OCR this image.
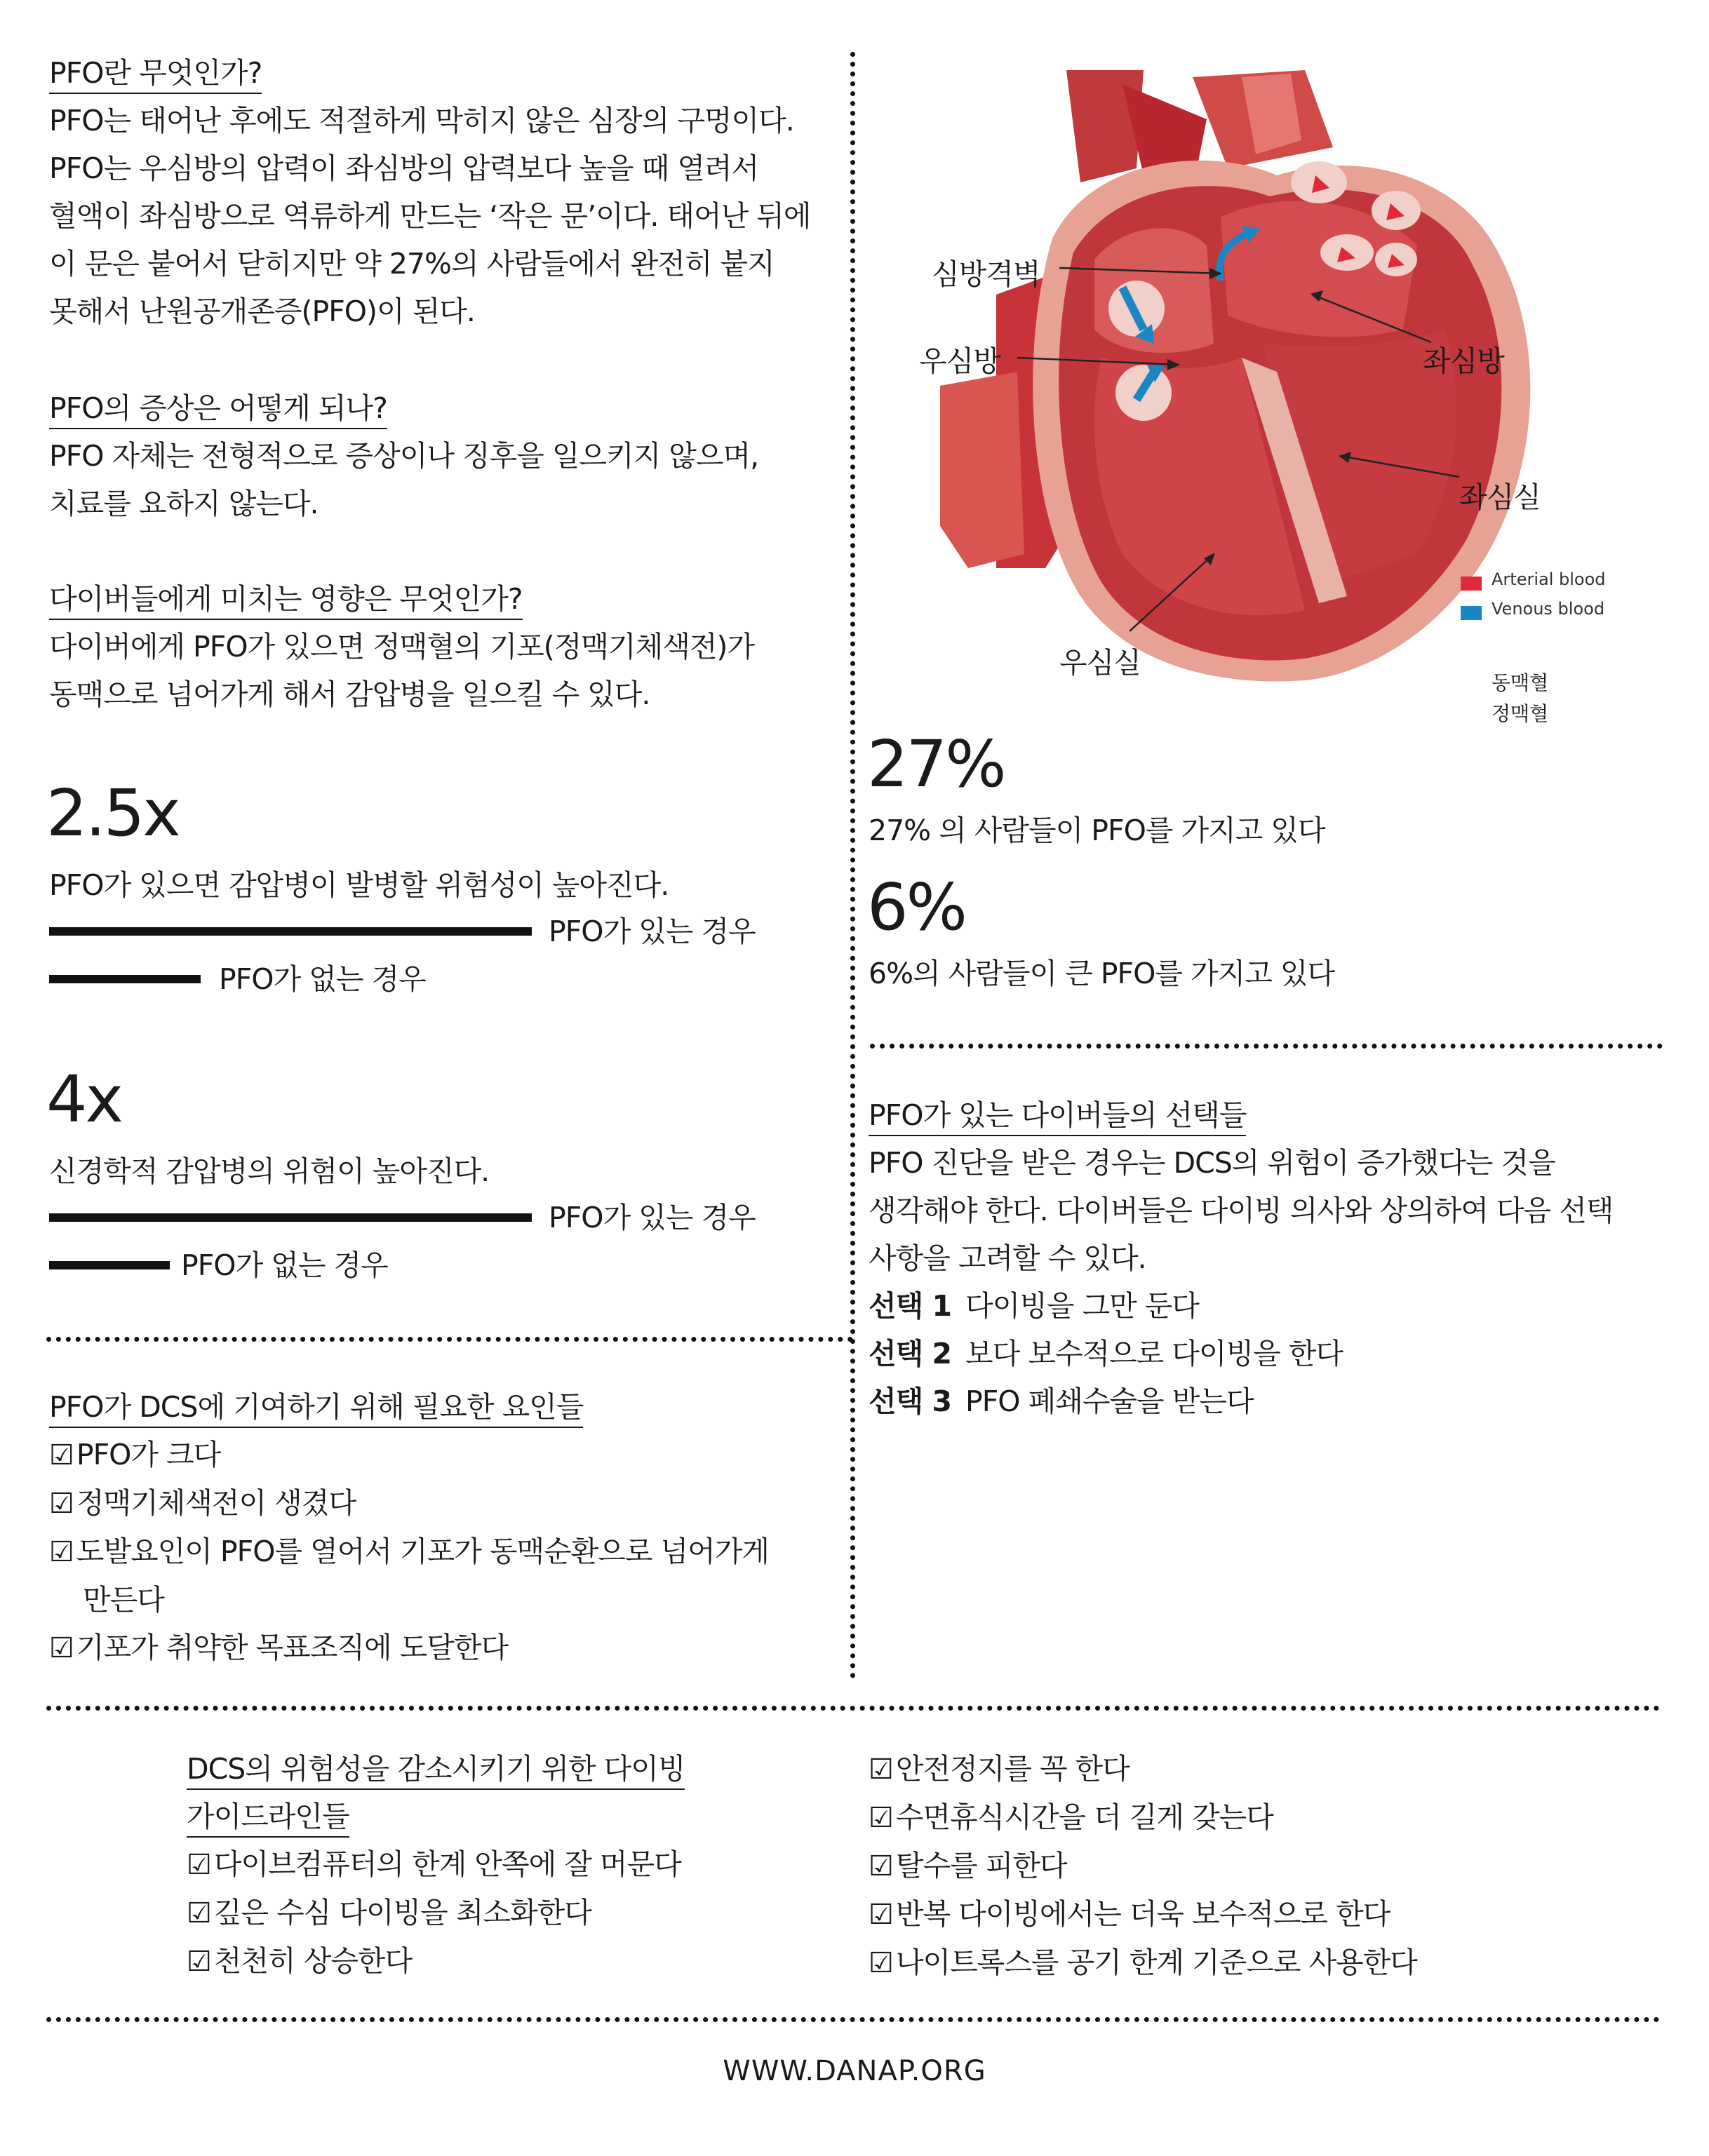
PFO란 무엇인가?
PFO는 태어난 후에도 적절하게 막히지 않은 심장의 구멍이다.
PFO는 우심방의 압력이 좌심방의 압력보다 높을 때 열려서
혈액이 좌심방으로 역류하게 만드는 ‘작은 문’이다. 태어난 뒤에
이 문은 붙어서 닫히지만 약 27%의 사람들에서 완전히 붙지
못해서 난원공개존증(PFO)이 된다.
PFO의 증상은 어떻게 되나?
PFO 자체는 전형적으로 증상이나 징후을 일으키지 않으며,
치료를 요하지 않는다.
다이버들에게 미치는 영향은 무엇인가?
다이버에게 PFO가 있으면 정맥혈의 기포(정맥기체색전)가
동맥으로 넘어가게 해서 감압병을 일으킬 수 있다.
2.5x
PFO가 있으면 감압병이 발병할 위험성이 높아진다.
PFO가 있는 경우
PFO가 없는 경우
4x
신경학적 감압병의 위험이 높아진다.
PFO가 있는 경우
PFO가 없는 경우
PFO가 DCS에 기여하기 위해 필요한 요인들
☑PFO가 크다
☑정맥기체색전이 생겼다
☑도발요인이 PFO를 열어서 기포가 동맥순환으로 넘어가게
만든다
☑기포가 취약한 목표조직에 도달한다
심방격벽
우심방	좌심방
좌심실
우심실
Arterial blood
Venous blood
동맥혈
정맥혈
27%
27% 의 사람들이 PFO를 가지고 있다
6%
6%의 사람들이 큰 PFO를 가지고 있다
PFO가 있는 다이버들의 선택들
PFO 진단을 받은 경우는 DCS의 위험이 증가했다는 것을
생각해야 한다. 다이버들은 다이빙 의사와 상의하여 다음 선택
사항을 고려할 수 있다.
선택 1 다이빙을 그만 둔다
선택 2 보다 보수적으로 다이빙을 한다
선택 3 PFO 폐쇄수술을 받는다
DCS의 위험성을 감소시키기 위한 다이빙
가이드라인들
☑다이브컴퓨터의 한계 안쪽에 잘 머문다
☑깊은 수심 다이빙을 최소화한다
☑천천히 상승한다
☑안전정지를 꼭 한다
☑수면휴식시간을 더 길게 갖는다
☑탈수를 피한다
☑반복 다이빙에서는 더욱 보수적으로 한다
☑나이트록스를 공기 한계 기준으로 사용한다
WWW.DANAP.ORG
